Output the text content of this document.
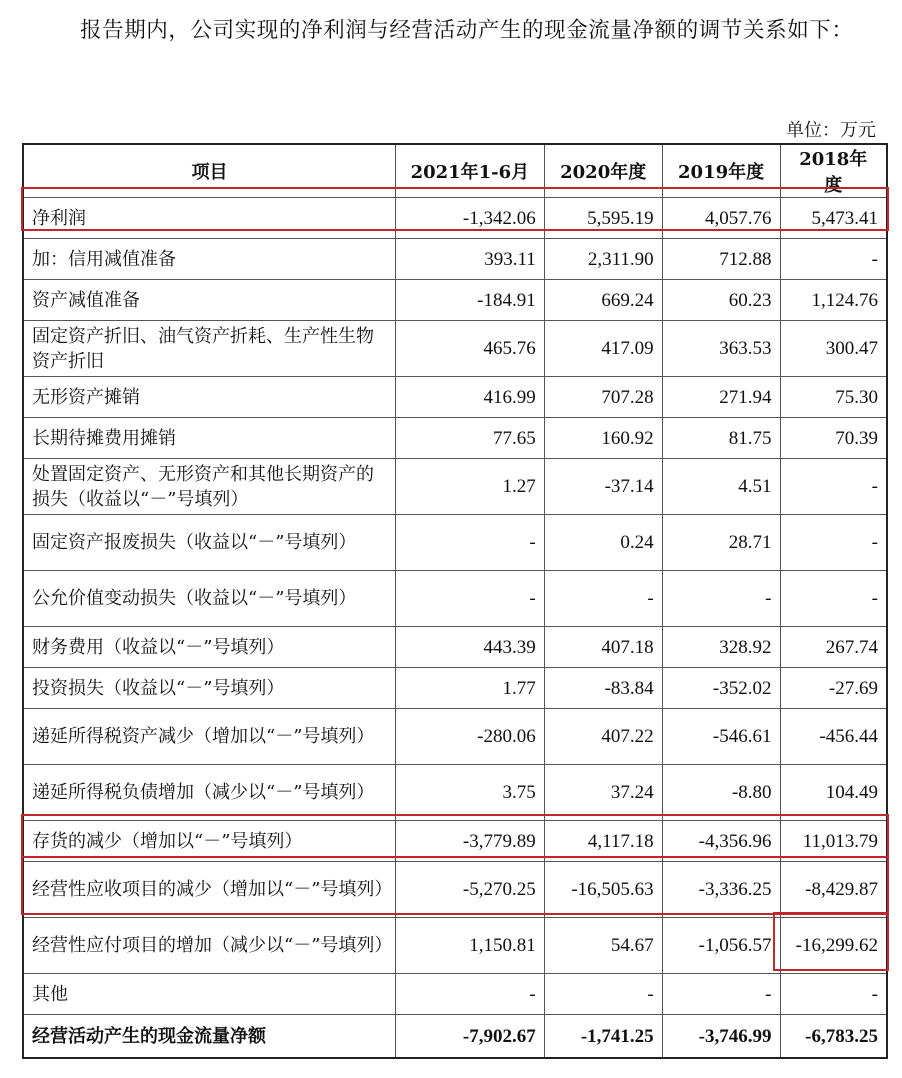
报告期内，公司实现的净利润与经营活动产生的现金流量净额的调节关系如下：
单位：万元
项目	2021年1-6月	2020年度	2019年度	2018年度
净利润	-1,342.06	5,595.19	4,057.76	5,473.41
加：信用减值准备	393.11	2,311.90	712.88	-
资产减值准备	-184.91	669.24	60.23	1,124.76
固定资产折旧、油气资产折耗、生产性生物资产折旧	465.76	417.09	363.53	300.47
无形资产摊销	416.99	707.28	271.94	75.30
长期待摊费用摊销	77.65	160.92	81.75	70.39
处置固定资产、无形资产和其他长期资产的损失（收益以“－”号填列）	1.27	-37.14	4.51	-
固定资产报废损失（收益以“－”号填列）	-	0.24	28.71	-
公允价值变动损失（收益以“－”号填列）	-	-	-	-
财务费用（收益以“－”号填列）	443.39	407.18	328.92	267.74
投资损失（收益以“－”号填列）	1.77	-83.84	-352.02	-27.69
递延所得税资产减少（增加以“－”号填列）	-280.06	407.22	-546.61	-456.44
递延所得税负债增加（减少以“－”号填列）	3.75	37.24	-8.80	104.49
存货的减少（增加以“－”号填列）	-3,779.89	4,117.18	-4,356.96	11,013.79
经营性应收项目的减少（增加以“－”号填列）	-5,270.25	-16,505.63	-3,336.25	-8,429.87
经营性应付项目的增加（减少以“－”号填列）	1,150.81	54.67	-1,056.57	-16,299.62
其他	-	-	-	-
经营活动产生的现金流量净额	-7,902.67	-1,741.25	-3,746.99	-6,783.25
